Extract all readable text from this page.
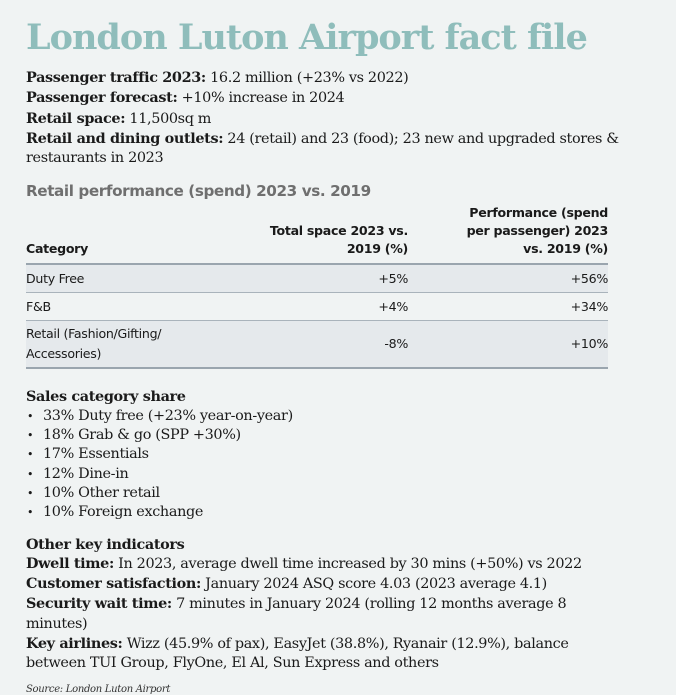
London Luton Airport fact file
Passenger traffic 2023: 16.2 million (+23% vs 2022)
Passenger forecast: +10% increase in 2024
Retail space: 11,500sq m
Retail and dining outlets: 24 (retail) and 23 (food); 23 new and upgraded stores & restaurants in 2023
Retail performance (spend) 2023 vs. 2019
Category	Total space 2023 vs. 2019 (%)	Performance (spend per passenger) 2023 vs. 2019 (%)
Duty Free	+5%	+56%
F&B	+4%	+34%
Retail (Fashion/Gifting/ Accessories)	-8%	+10%
Sales category share
• 33% Duty free (+23% year-on-year)
• 18% Grab & go (SPP +30%)
• 17% Essentials
• 12% Dine-in
• 10% Other retail
• 10% Foreign exchange
Other key indicators
Dwell time: In 2023, average dwell time increased by 30 mins (+50%) vs 2022
Customer satisfaction: January 2024 ASQ score 4.03 (2023 average 4.1)
Security wait time: 7 minutes in January 2024 (rolling 12 months average 8 minutes)
Key airlines: Wizz (45.9% of pax), EasyJet (38.8%), Ryanair (12.9%), balance between TUI Group, FlyOne, El Al, Sun Express and others
Source: London Luton Airport
